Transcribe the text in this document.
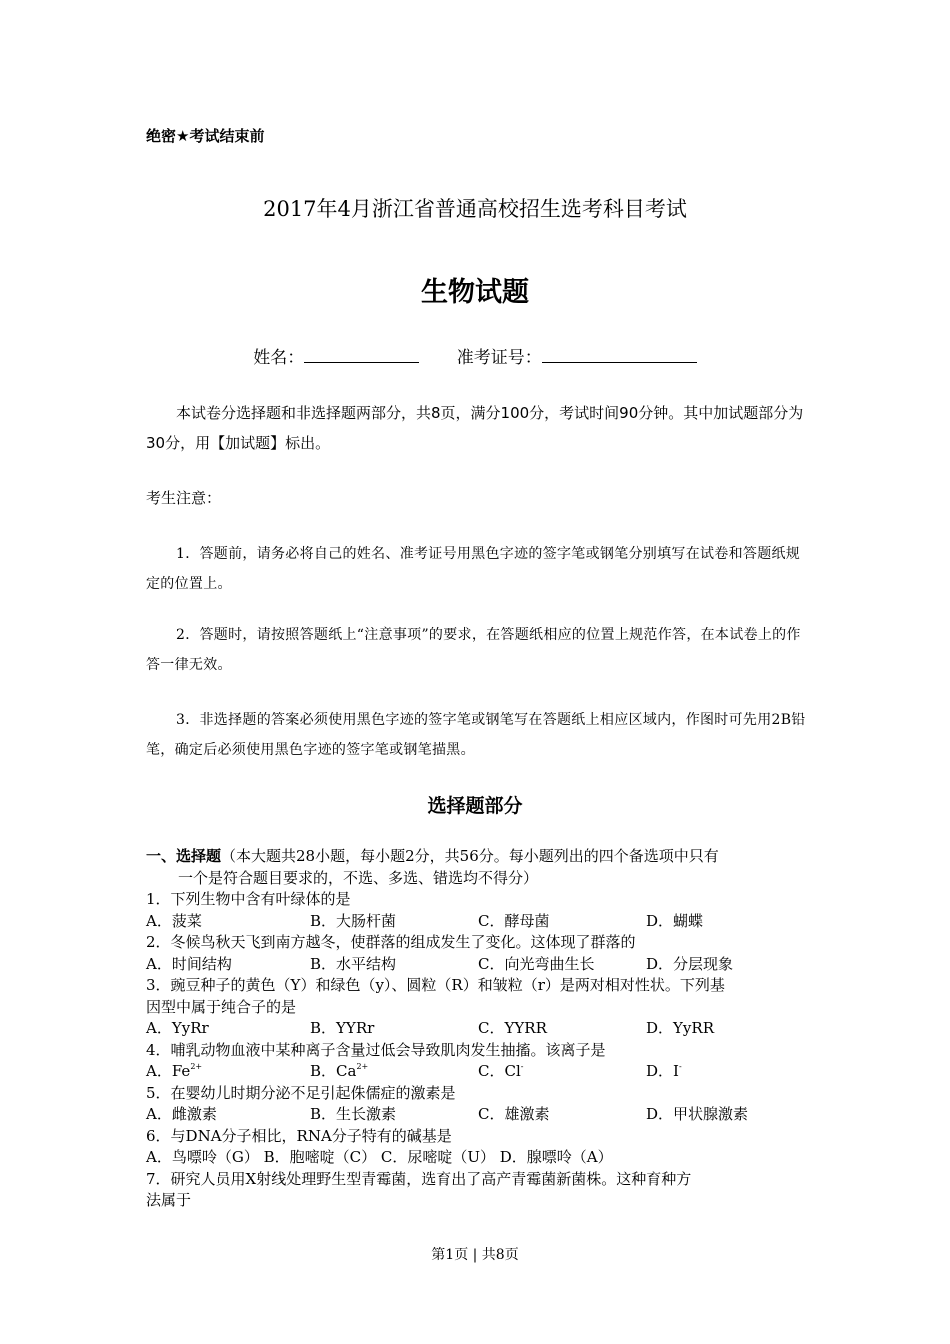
绝密★考试结束前
2017年4月浙江省普通高校招生选考科目考试
生物试题
姓名：	准考证号：
本试卷分选择题和非选择题两部分，共8页，满分100分，考试时间90分钟。其中加试题部分为30分，用【加试题】标出。
考生注意：
1．答题前，请务必将自己的姓名、准考证号用黑色字迹的签字笔或钢笔分别填写在试卷和答题纸规定的位置上。
2．答题时，请按照答题纸上“注意事项”的要求，在答题纸相应的位置上规范作答，在本试卷上的作答一律无效。
3．非选择题的答案必须使用黑色字迹的签字笔或钢笔写在答题纸上相应区域内，作图时可先用2B铅笔，确定后必须使用黑色字迹的签字笔或钢笔描黑。
选择题部分
一、选择题（本大题共28小题，每小题2分，共56分。每小题列出的四个备选项中只有
一个是符合题目要求的，不选、多选、错选均不得分）
1．下列生物中含有叶绿体的是
A．菠菜	B．大肠杆菌	C．酵母菌	D．蝴蝶
2．冬候鸟秋天飞到南方越冬，使群落的组成发生了变化。这体现了群落的
A．时间结构	B．水平结构	C．向光弯曲生长	D．分层现象
3．豌豆种子的黄色（Y）和绿色（y）、圆粒（R）和皱粒（r）是两对相对性状。下列基
因型中属于纯合子的是
A．YyRr	B．YYRr	C．YYRR	D．YyRR
4．哺乳动物血液中某种离子含量过低会导致肌肉发生抽搐。该离子是
A．$Fe^{2+}$	B．$Ca^{2+}$	C．Cl-	D．I-
5．在婴幼儿时期分泌不足引起侏儒症的激素是
A．雌激素	B．生长激素	C．雄激素	D．甲状腺激素
6．与DNA分子相比，RNA分子特有的碱基是
A．鸟嘌呤（G） B．胞嘧啶（C） C．尿嘧啶（U） D．腺嘌呤（A）
7．研究人员用X射线处理野生型青霉菌，选育出了高产青霉菌新菌株。这种育种方
法属于
第1页 | 共8页
